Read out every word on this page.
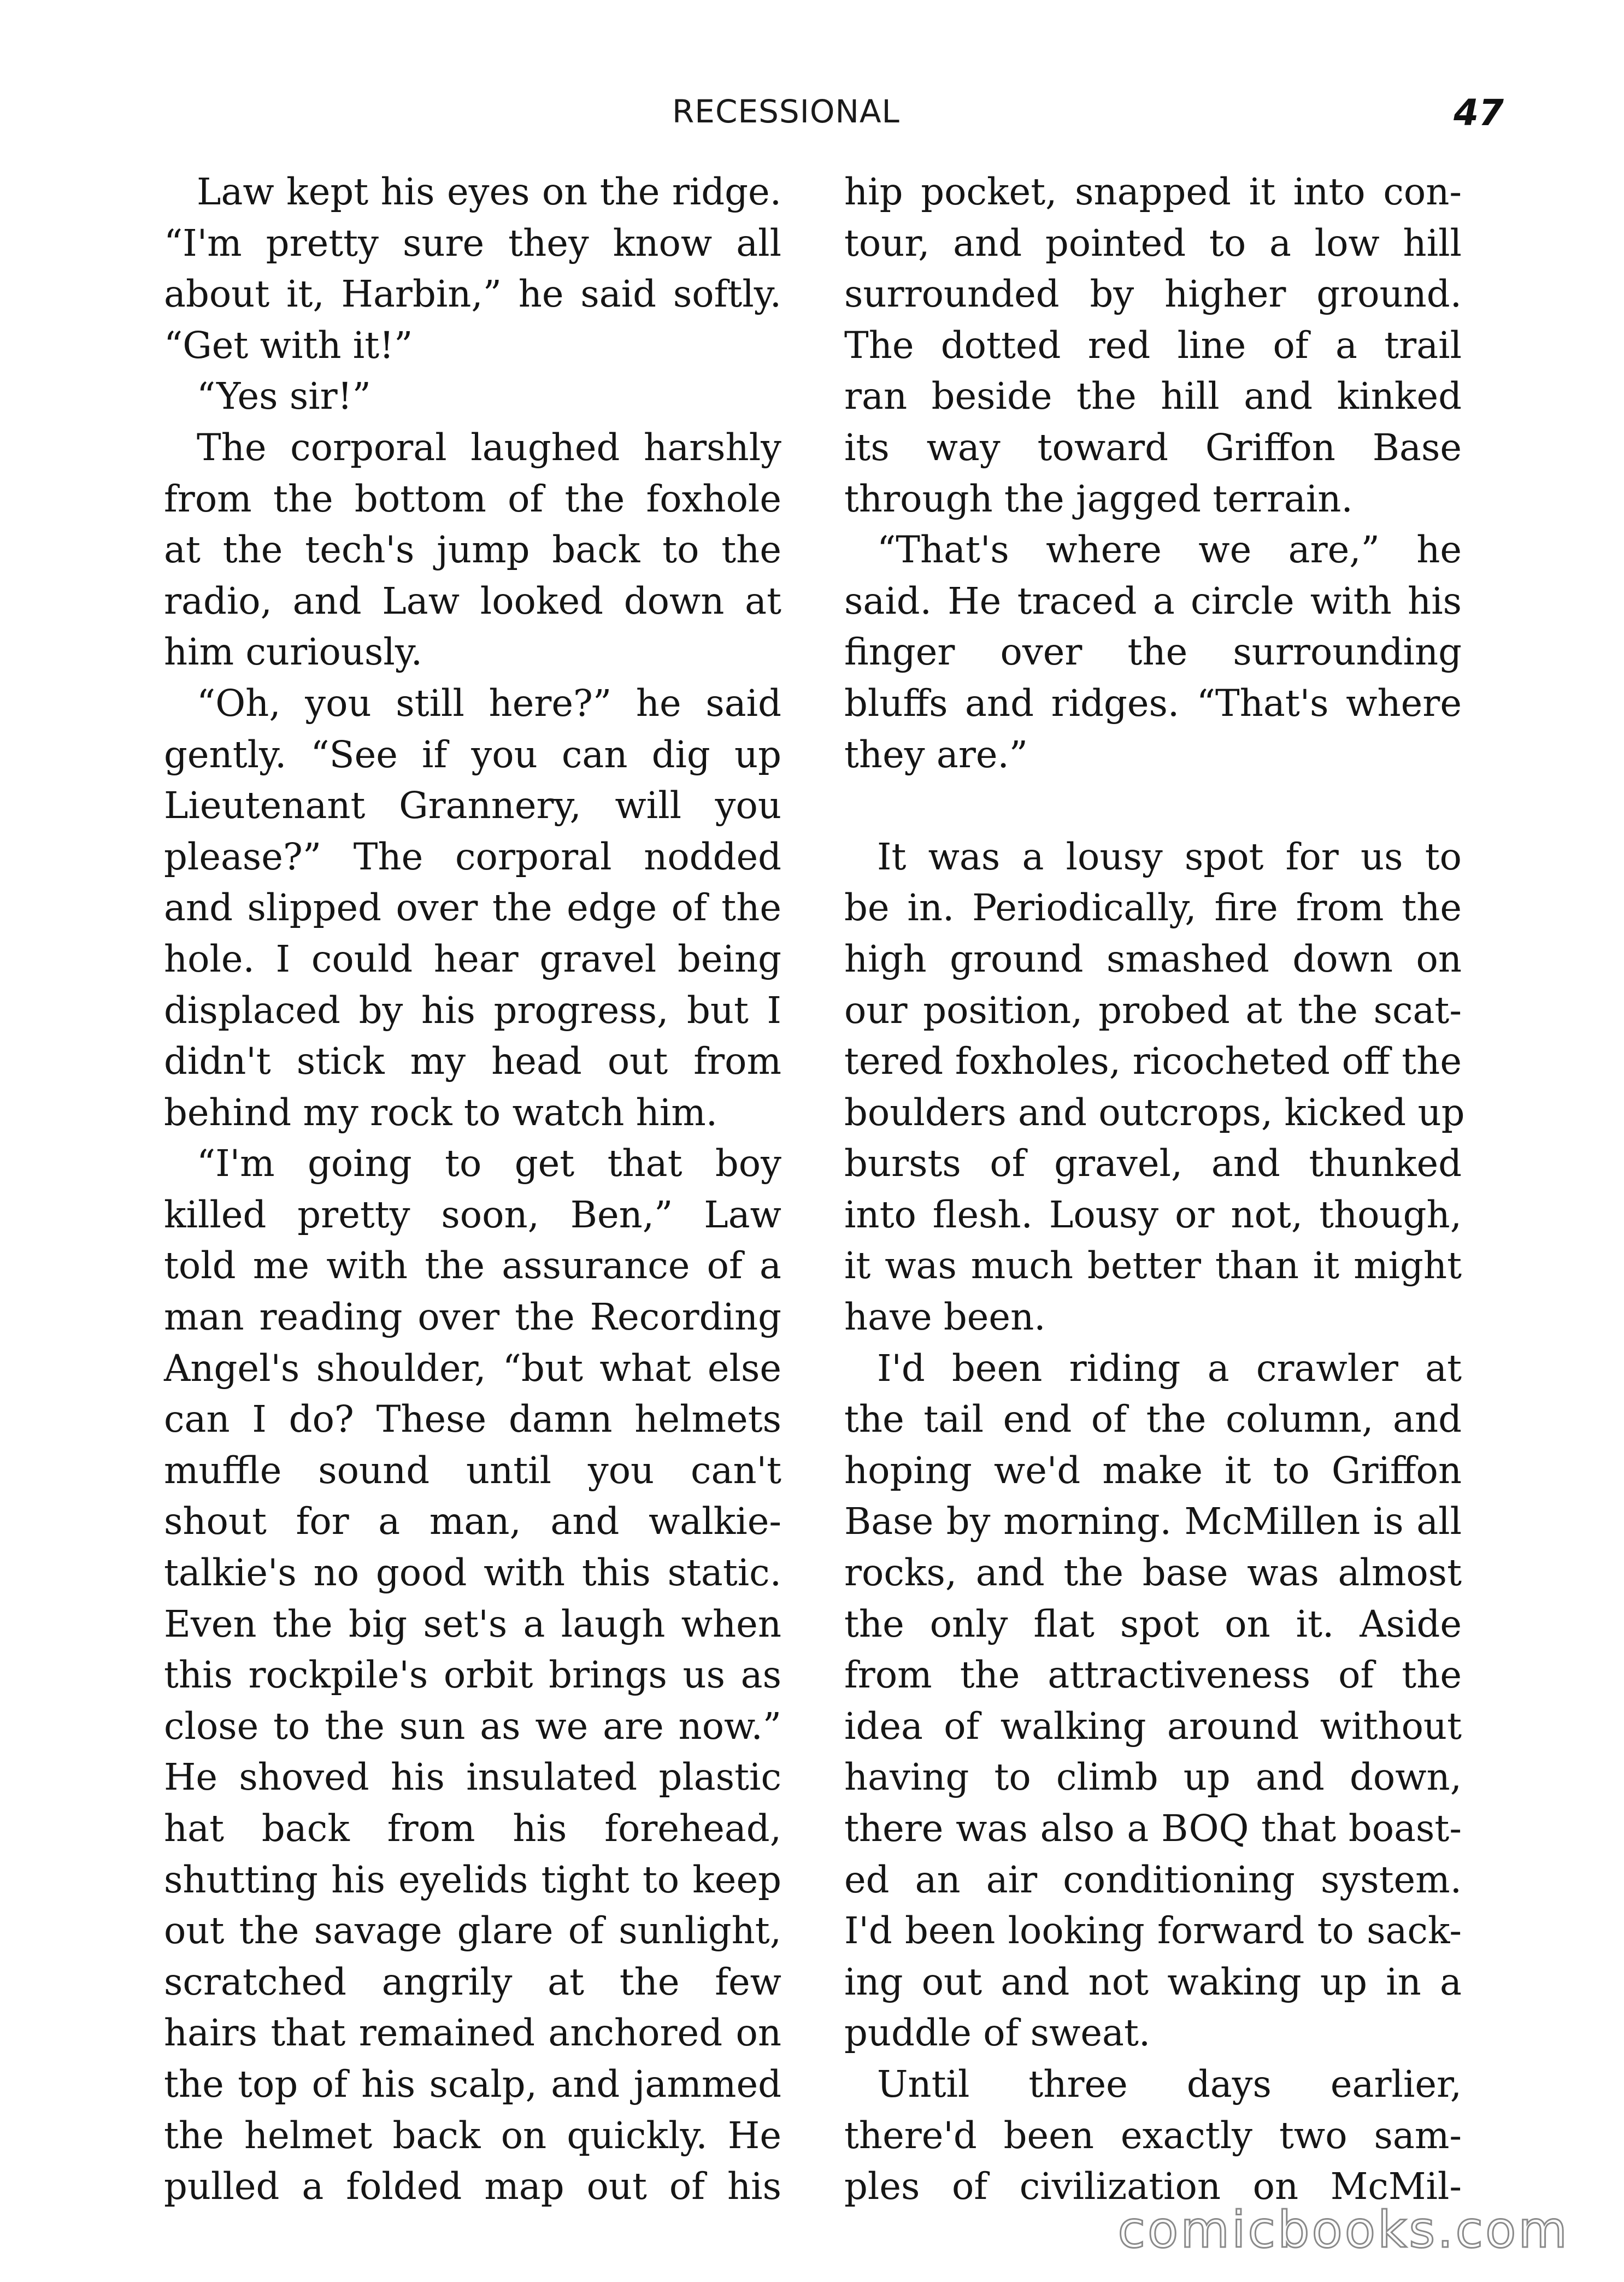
RECESSIONAL	47
Law kept his eyes on the ridge.
“I'm pretty sure they know all
about it, Harbin,” he said softly.
“Get with it!”
“Yes sir!”
The corporal laughed harshly
from the bottom of the foxhole
at the tech's jump back to the
radio, and Law looked down at
him curiously.
“Oh, you still here?” he said
gently. “See if you can dig up
Lieutenant Grannery, will you
please?” The corporal nodded
and slipped over the edge of the
hole. I could hear gravel being
displaced by his progress, but I
didn't stick my head out from
behind my rock to watch him.
“I'm going to get that boy
killed pretty soon, Ben,” Law
told me with the assurance of a
man reading over the Recording
Angel's shoulder, “but what else
can I do? These damn helmets
muffle sound until you can't
shout for a man, and walkie-
talkie's no good with this static.
Even the big set's a laugh when
this rockpile's orbit brings us as
close to the sun as we are now.”
He shoved his insulated plastic
hat back from his forehead,
shutting his eyelids tight to keep
out the savage glare of sunlight,
scratched angrily at the few
hairs that remained anchored on
the top of his scalp, and jammed
the helmet back on quickly. He
pulled a folded map out of his
hip pocket, snapped it into con-
tour, and pointed to a low hill
surrounded by higher ground.
The dotted red line of a trail
ran beside the hill and kinked
its way toward Griffon Base
through the jagged terrain.
“That's where we are,” he
said. He traced a circle with his
finger over the surrounding
bluffs and ridges. “That's where
they are.”
It was a lousy spot for us to
be in. Periodically, fire from the
high ground smashed down on
our position, probed at the scat-
tered foxholes, ricocheted off the
boulders and outcrops, kicked up
bursts of gravel, and thunked
into flesh. Lousy or not, though,
it was much better than it might
have been.
I'd been riding a crawler at
the tail end of the column, and
hoping we'd make it to Griffon
Base by morning. McMillen is all
rocks, and the base was almost
the only flat spot on it. Aside
from the attractiveness of the
idea of walking around without
having to climb up and down,
there was also a BOQ that boast-
ed an air conditioning system.
I'd been looking forward to sack-
ing out and not waking up in a
puddle of sweat.
Until three days earlier,
there'd been exactly two sam-
ples of civilization on McMil-
comicbooks.com
